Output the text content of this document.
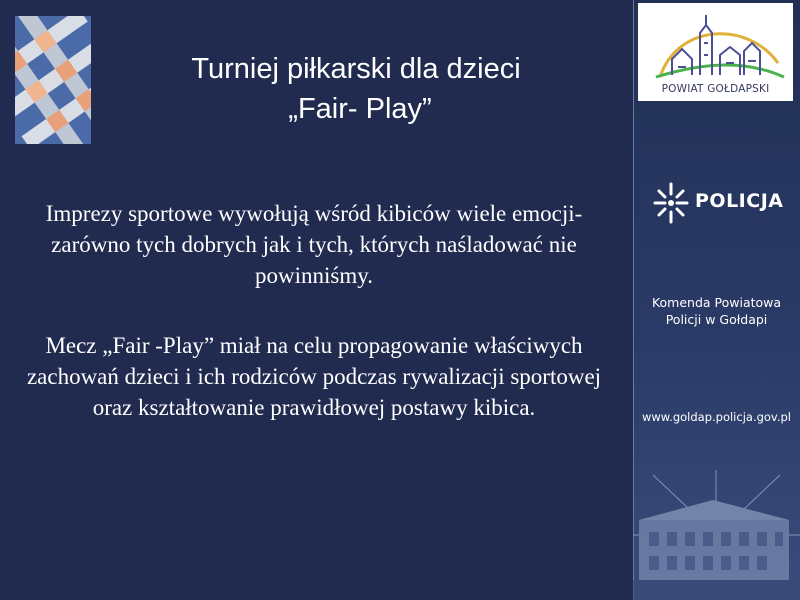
Turniej piłkarski dla dzieci
„Fair- Play”
Imprezy sportowe wywołują wśród kibiców wiele emocji- zarówno tych dobrych jak i tych, których naśladować nie powinniśmy.
Mecz „Fair -Play” miał na celu propagowanie właściwych zachowań dzieci i ich rodziców podczas rywalizacji sportowej oraz kształtowanie prawidłowej postawy kibica.
POWIAT GOŁDAPSKI
POLICJA
Komenda Powiatowa
Policji w Gołdapi
www.goldap.policja.gov.pl
